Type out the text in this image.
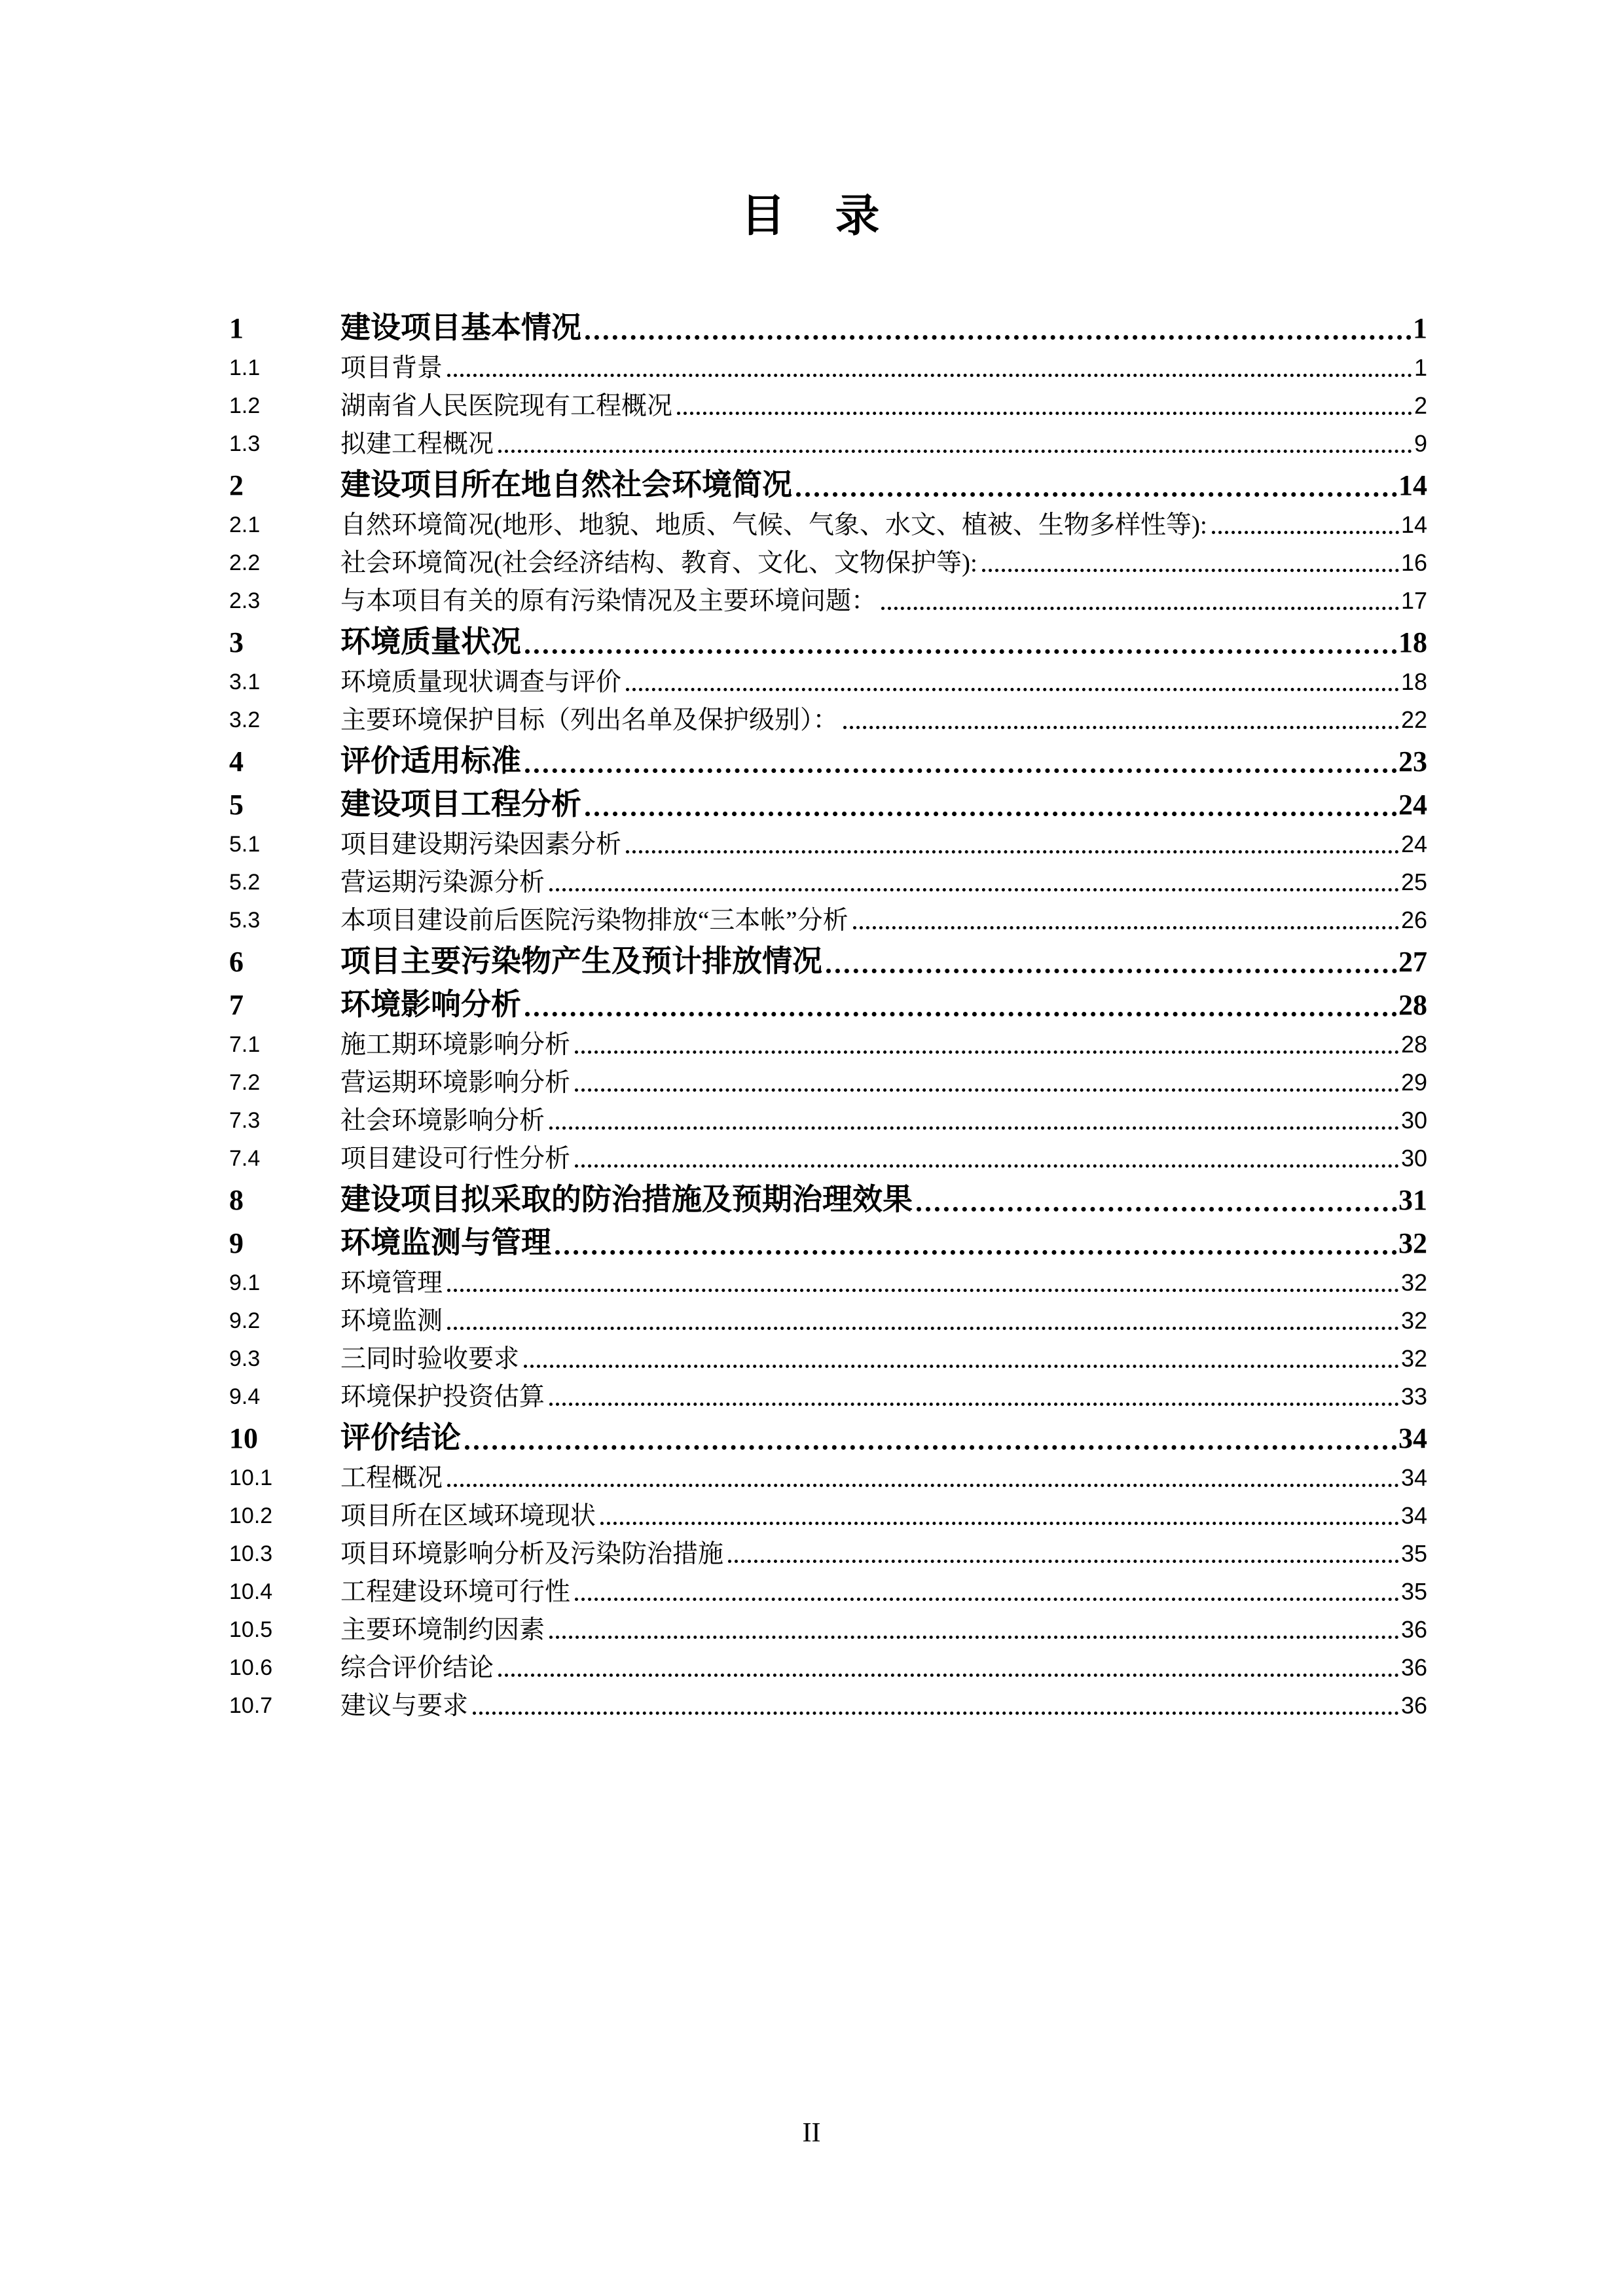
目　录
1	建设项目基本情况	1
1.1	项目背景	1
1.2	湖南省人民医院现有工程概况	2
1.3	拟建工程概况	9
2	建设项目所在地自然社会环境简况	14
2.1	自然环境简况(地形、地貌、地质、气候、气象、水文、植被、生物多样性等):	14
2.2	社会环境简况(社会经济结构、教育、文化、文物保护等):	16
2.3	与本项目有关的原有污染情况及主要环境问题：	17
3	环境质量状况	18
3.1	环境质量现状调查与评价	18
3.2	主要环境保护目标（列出名单及保护级别）：	22
4	评价适用标准	23
5	建设项目工程分析	24
5.1	项目建设期污染因素分析	24
5.2	营运期污染源分析	25
5.3	本项目建设前后医院污染物排放“三本帐”分析	26
6	项目主要污染物产生及预计排放情况	27
7	环境影响分析	28
7.1	施工期环境影响分析	28
7.2	营运期环境影响分析	29
7.3	社会环境影响分析	30
7.4	项目建设可行性分析	30
8	建设项目拟采取的防治措施及预期治理效果	31
9	环境监测与管理	32
9.1	环境管理	32
9.2	环境监测	32
9.3	三同时验收要求	32
9.4	环境保护投资估算	33
10	评价结论	34
10.1	工程概况	34
10.2	项目所在区域环境现状	34
10.3	项目环境影响分析及污染防治措施	35
10.4	工程建设环境可行性	35
10.5	主要环境制约因素	36
10.6	综合评价结论	36
10.7	建议与要求	36
II
